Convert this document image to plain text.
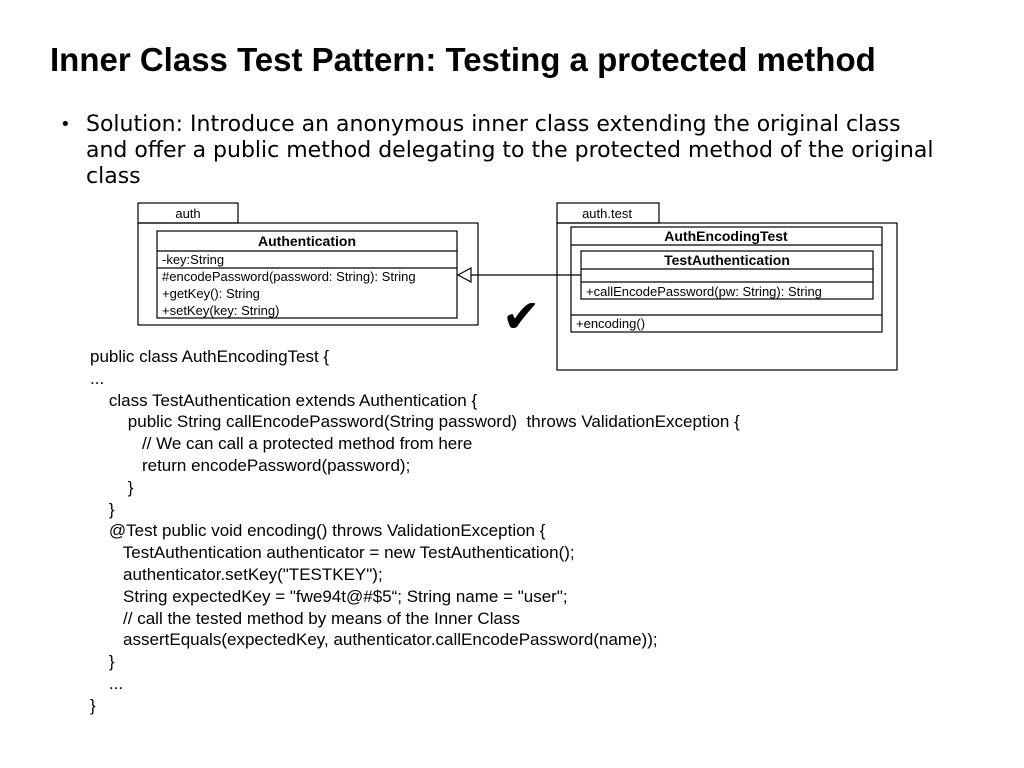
Inner Class Test Pattern: Testing a protected method
• Solution: Introduce an anonymous inner class extending the original class and offer a public method delegating to the protected method of the original class
auth
Authentication
-key:String
#encodePassword(password: String): String
+getKey(): String
+setKey(key: String)
auth.test
AuthEncodingTest
TestAuthentication
+callEncodePassword(pw: String): String
+encoding()
✔
public class AuthEncodingTest {
...
class TestAuthentication extends Authentication {
public String callEncodePassword(String password)  throws ValidationException {
// We can call a protected method from here
return encodePassword(password);
}
}
@Test public void encoding() throws ValidationException {
TestAuthentication authenticator = new TestAuthentication();
authenticator.setKey("TESTKEY");
String expectedKey = "fwe94t@#$5“; String name = "user";
// call the tested method by means of the Inner Class
assertEquals(expectedKey, authenticator.callEncodePassword(name));
}
...
}
